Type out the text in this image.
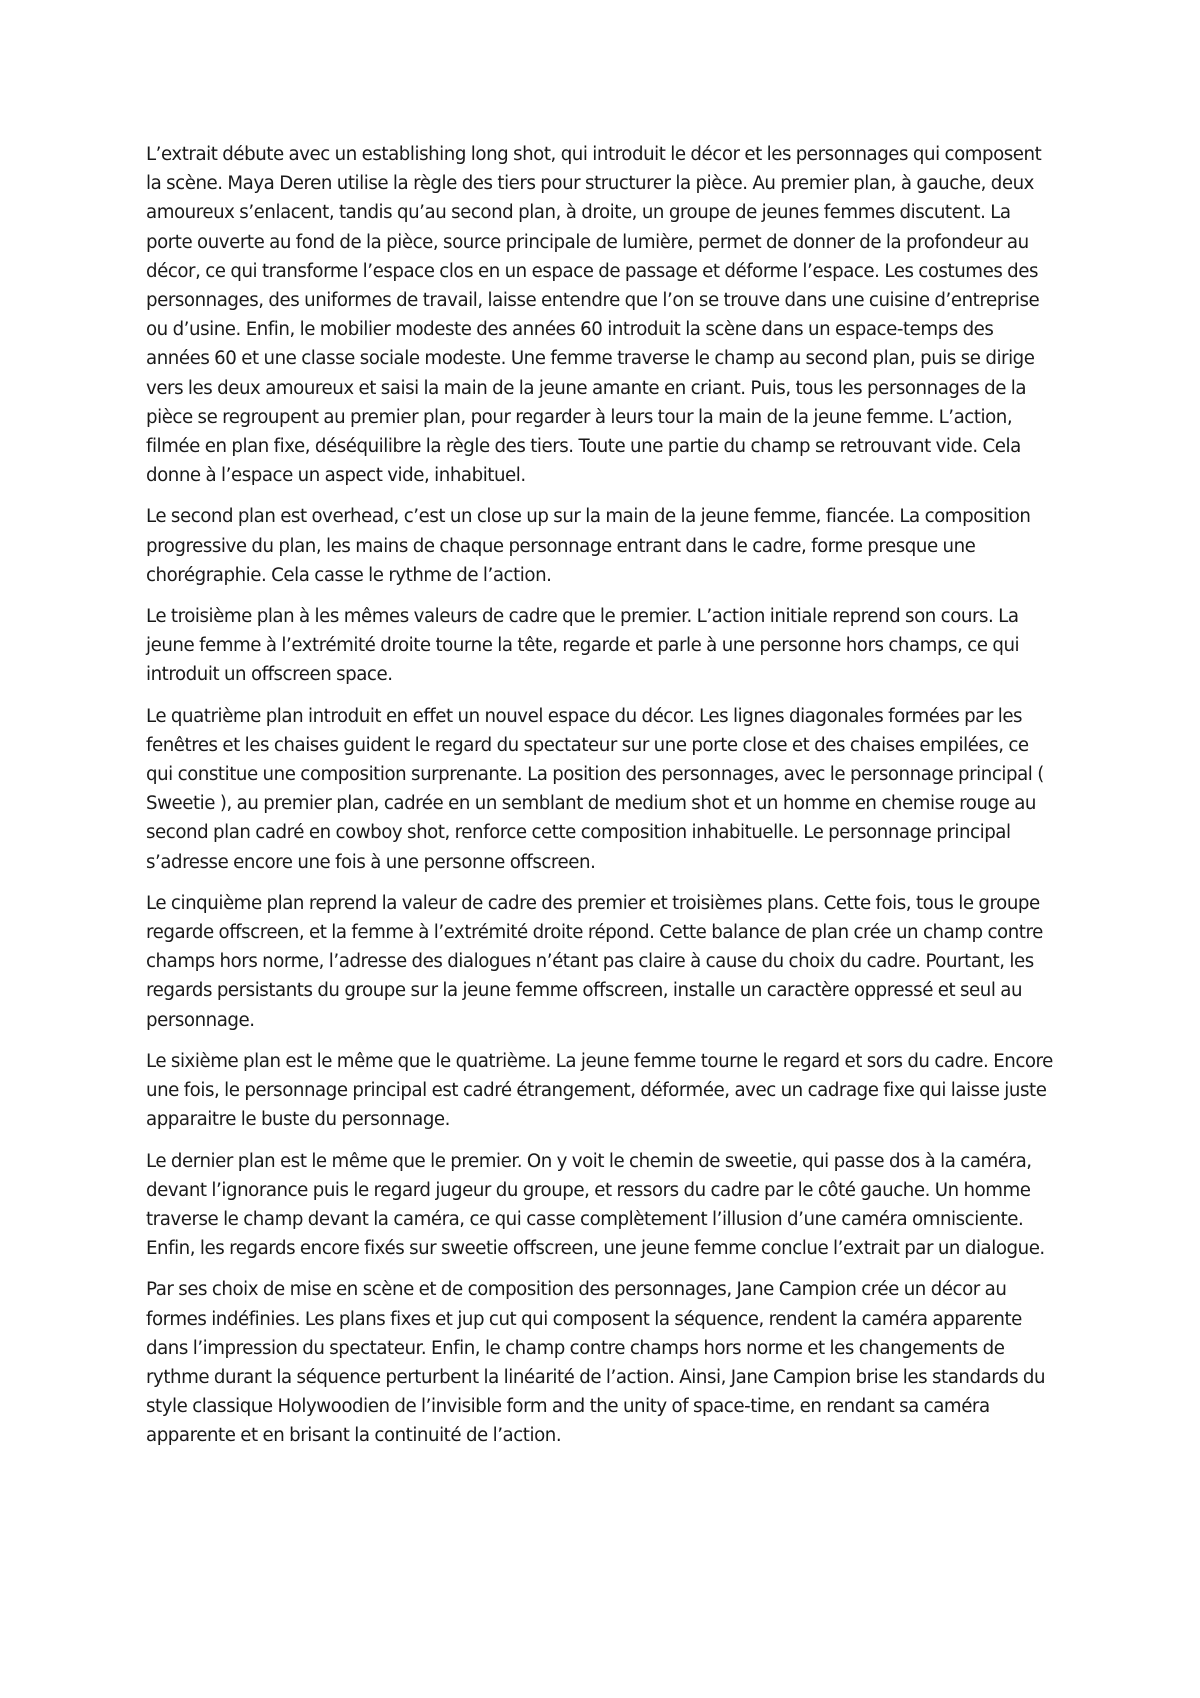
L’extrait débute avec un establishing long shot, qui introduit le décor et les personnages qui composent la scène. Maya Deren utilise la règle des tiers pour structurer la pièce. Au premier plan, à gauche, deux amoureux s’enlacent, tandis qu’au second plan, à droite, un groupe de jeunes femmes discutent. La porte ouverte au fond de la pièce, source principale de lumière, permet de donner de la profondeur au décor, ce qui transforme l’espace clos en un espace de passage et déforme l’espace. Les costumes des personnages, des uniformes de travail, laisse entendre que l’on se trouve dans une cuisine d’entreprise ou d’usine. Enfin, le mobilier modeste des années 60 introduit la scène dans un espace-temps des années 60 et une classe sociale modeste. Une femme traverse le champ au second plan, puis se dirige vers les deux amoureux et saisi la main de la jeune amante en criant. Puis, tous les personnages de la pièce se regroupent au premier plan, pour regarder à leurs tour la main de la jeune femme. L’action, filmée en plan fixe, déséquilibre la règle des tiers. Toute une partie du champ se retrouvant vide. Cela donne à l’espace un aspect vide, inhabituel.

Le second plan est overhead, c’est un close up sur la main de la jeune femme, fiancée. La composition progressive du plan, les mains de chaque personnage entrant dans le cadre, forme presque une chorégraphie. Cela casse le rythme de l’action.

Le troisième plan à les mêmes valeurs de cadre que le premier. L’action initiale reprend son cours. La jeune femme à l’extrémité droite tourne la tête, regarde et parle à une personne hors champs, ce qui introduit un offscreen space.

Le quatrième plan introduit en effet un nouvel espace du décor. Les lignes diagonales formées par les fenêtres et les chaises guident le regard du spectateur sur une porte close et des chaises empilées, ce qui constitue une composition surprenante. La position des personnages, avec le personnage principal ( Sweetie ), au premier plan, cadrée en un semblant de medium shot et un homme en chemise rouge au second plan cadré en cowboy shot, renforce cette composition inhabituelle. Le personnage principal s’adresse encore une fois à une personne offscreen.

Le cinquième plan reprend la valeur de cadre des premier et troisièmes plans. Cette fois, tous le groupe regarde offscreen, et la femme à l’extrémité droite répond. Cette balance de plan crée un champ contre champs hors norme, l’adresse des dialogues n’étant pas claire à cause du choix du cadre. Pourtant, les regards persistants du groupe sur la jeune femme offscreen, installe un caractère oppressé et seul au personnage.

Le sixième plan est le même que le quatrième. La jeune femme tourne le regard et sors du cadre. Encore une fois, le personnage principal est cadré étrangement, déformée, avec un cadrage fixe qui laisse juste apparaitre le buste du personnage.

Le dernier plan est le même que le premier. On y voit le chemin de sweetie, qui passe dos à la caméra, devant l’ignorance puis le regard jugeur du groupe, et ressors du cadre par le côté gauche. Un homme traverse le champ devant la caméra, ce qui casse complètement l’illusion d’une caméra omnisciente. Enfin, les regards encore fixés sur sweetie offscreen, une jeune femme conclue l’extrait par un dialogue.

Par ses choix de mise en scène et de composition des personnages, Jane Campion crée un décor au formes indéfinies. Les plans fixes et jup cut qui composent la séquence, rendent la caméra apparente dans l’impression du spectateur. Enfin, le champ contre champs hors norme et les changements de rythme durant la séquence perturbent la linéarité de l’action. Ainsi, Jane Campion brise les standards du style classique Holywoodien de l’invisible form and the unity of space-time, en rendant sa caméra apparente et en brisant la continuité de l’action.
